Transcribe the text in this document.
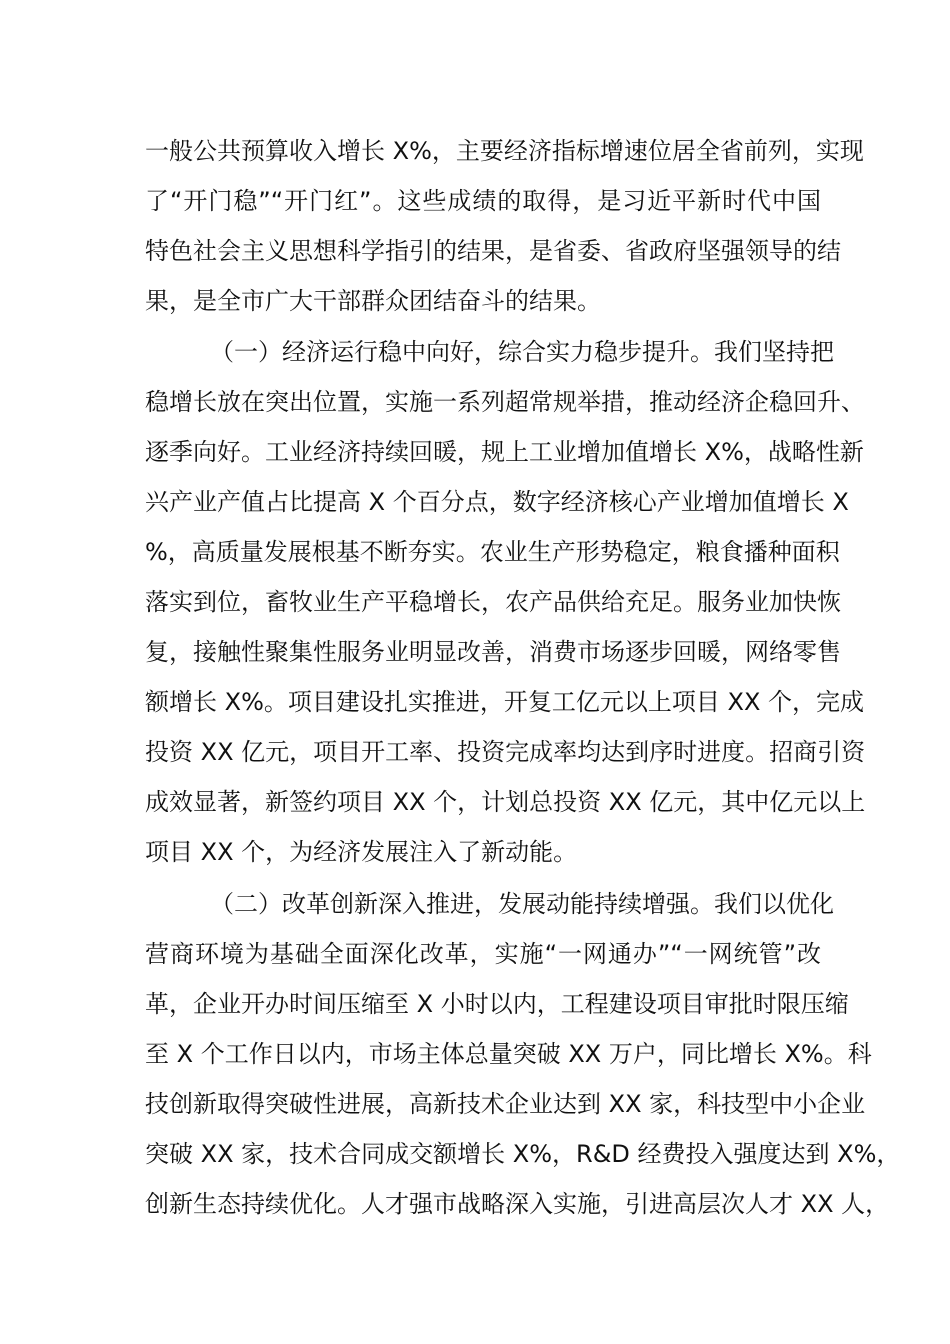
一般公共预算收入增长 X%，主要经济指标增速位居全省前列，实现
了“开门稳”“开门红”。这些成绩的取得，是习近平新时代中国
特色社会主义思想科学指引的结果，是省委、省政府坚强领导的结
果，是全市广大干部群众团结奋斗的结果。
（一）经济运行稳中向好，综合实力稳步提升。我们坚持把
稳增长放在突出位置，实施一系列超常规举措，推动经济企稳回升、
逐季向好。工业经济持续回暖，规上工业增加值增长 X%，战略性新
兴产业产值占比提高 X 个百分点，数字经济核心产业增加值增长 X
%，高质量发展根基不断夯实。农业生产形势稳定，粮食播种面积
落实到位，畜牧业生产平稳增长，农产品供给充足。服务业加快恢
复，接触性聚集性服务业明显改善，消费市场逐步回暖，网络零售
额增长 X%。项目建设扎实推进，开复工亿元以上项目 XX 个，完成
投资 XX 亿元，项目开工率、投资完成率均达到序时进度。招商引资
成效显著，新签约项目 XX 个，计划总投资 XX 亿元，其中亿元以上
项目 XX 个，为经济发展注入了新动能。
（二）改革创新深入推进，发展动能持续增强。我们以优化
营商环境为基础全面深化改革，实施“一网通办”“一网统管”改
革，企业开办时间压缩至 X 小时以内，工程建设项目审批时限压缩
至 X 个工作日以内，市场主体总量突破 XX 万户，同比增长 X%。科
技创新取得突破性进展，高新技术企业达到 XX 家，科技型中小企业
突破 XX 家，技术合同成交额增长 X%，R&D 经费投入强度达到 X%，
创新生态持续优化。人才强市战略深入实施，引进高层次人才 XX 人，
